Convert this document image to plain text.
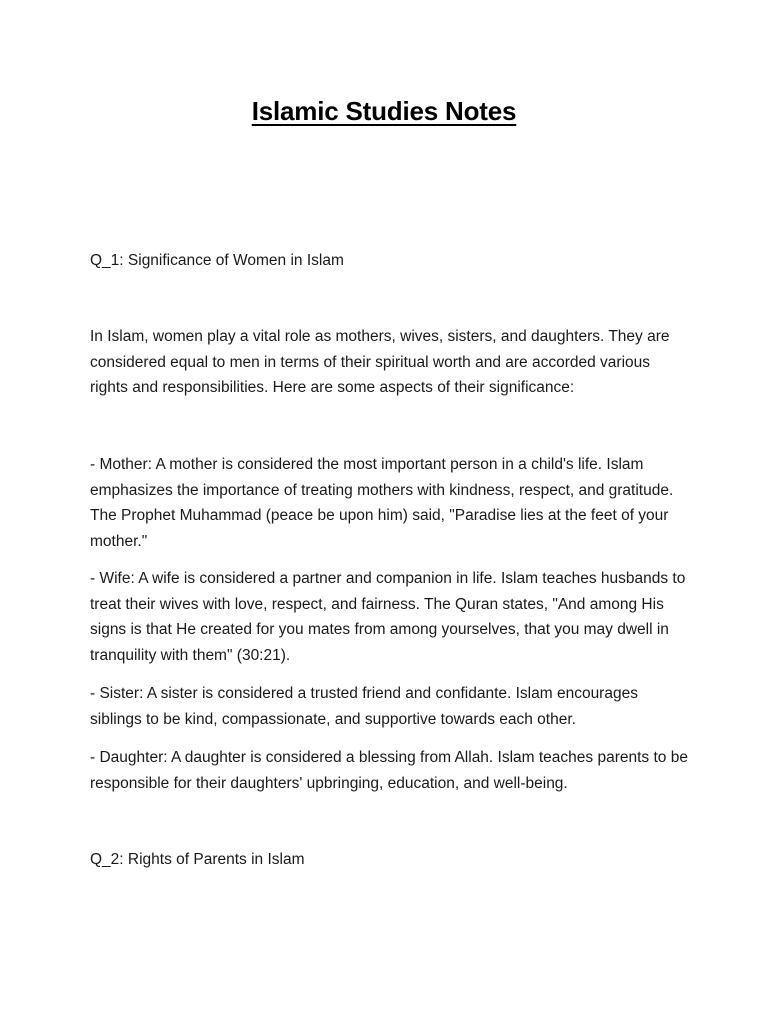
Islamic Studies Notes

Q_1: Significance of Women in Islam

In Islam, women play a vital role as mothers, wives, sisters, and daughters. They are considered equal to men in terms of their spiritual worth and are accorded various rights and responsibilities. Here are some aspects of their significance:

- Mother: A mother is considered the most important person in a child's life. Islam emphasizes the importance of treating mothers with kindness, respect, and gratitude. The Prophet Muhammad (peace be upon him) said, "Paradise lies at the feet of your mother."

- Wife: A wife is considered a partner and companion in life. Islam teaches husbands to treat their wives with love, respect, and fairness. The Quran states, "And among His signs is that He created for you mates from among yourselves, that you may dwell in tranquility with them" (30:21).

- Sister: A sister is considered a trusted friend and confidante. Islam encourages siblings to be kind, compassionate, and supportive towards each other.

- Daughter: A daughter is considered a blessing from Allah. Islam teaches parents to be responsible for their daughters' upbringing, education, and well-being.

Q_2: Rights of Parents in Islam
